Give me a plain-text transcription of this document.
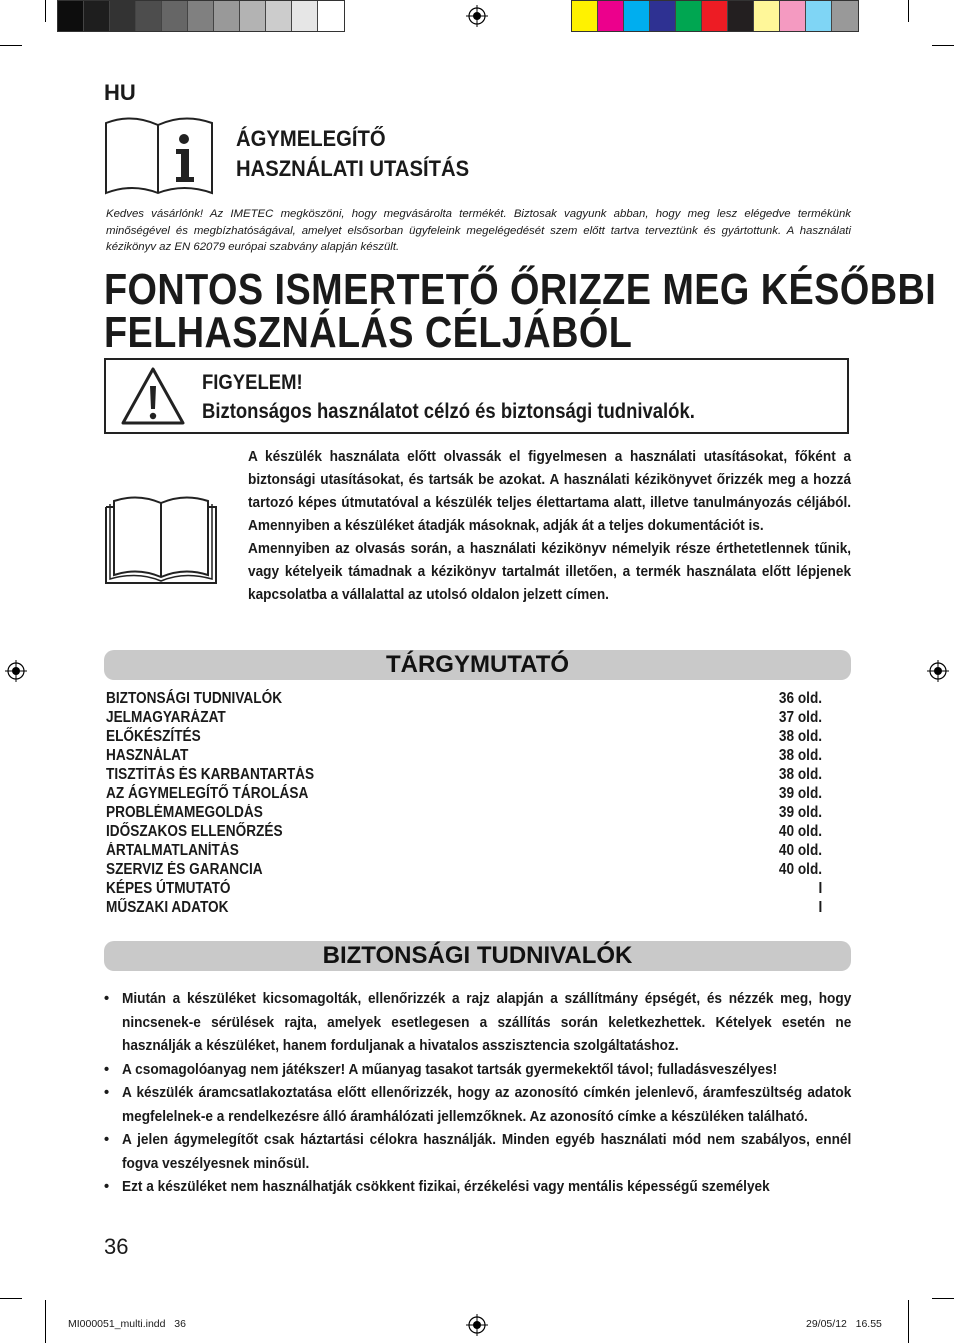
HU
ÁGYMELEGÍTŐ
HASZNÁLATI UTASÍTÁS
Kedves vásárlónk! Az IMETEC megköszöni, hogy megvásárolta termékét. Biztosak vagyunk abban, hogy meg lesz elégedve termékünk minőségével és megbízhatóságával, amelyet elsősorban ügyfeleink megelégedését szem előtt tartva terveztünk és gyártottunk. A használati kézikönyv az EN 62079 európai szabvány alapján készült.
FONTOS ISMERTETŐ ŐRIZZE MEG KÉSŐBBI
FELHASZNÁLÁS CÉLJÁBÓL
FIGYELEM!
Biztonságos használatot célzó és biztonsági tudnivalók.

A készülék használata előtt olvassák el figyelmesen a használati utasításokat, főként a biztonsági utasításokat, és tartsák be azokat. A használati kézikönyvet őrizzék meg a hozzá tartozó képes útmutatóval a készülék teljes élettartama alatt, illetve tanulmányozás céljából. Amennyiben a készüléket átadják másoknak, adják át a teljes dokumentációt is.

Amennyiben az olvasás során, a használati kézikönyv némelyik része érthetetlennek tűnik, vagy kételyeik támadnak a kézikönyv tartalmát illetően, a termék használata előtt lépjenek kapcsolatba a vállalattal az utolsó oldalon jelzett címen.

TÁRGYMUTATÓ
BIZTONSÁGI TUDNIVALÓK	36 old.
JELMAGYARÁZAT	37 old.
ELŐKÉSZÍTÉS	38 old.
HASZNÁLAT	38 old.
TISZTÍTÁS ÉS KARBANTARTÁS	38 old.
AZ ÁGYMELEGÍTŐ TÁROLÁSA	39 old.
PROBLÉMAMEGOLDÁS	39 old.
IDŐSZAKOS ELLENŐRZÉS	40 old.
ÁRTALMATLANÍTÁS	40 old.
SZERVIZ ÉS GARANCIA	40 old.
KÉPES ÚTMUTATÓ	I
MŰSZAKI ADATOK	I
BIZTONSÁGI TUDNIVALÓK
• Miután a készüléket kicsomagolták, ellenőrizzék a rajz alapján a szállítmány épségét, és nézzék meg, hogy nincsenek-e sérülések rajta, amelyek esetlegesen a szállítás során keletkezhettek. Kételyek esetén ne használják a készüléket, hanem forduljanak a hivatalos asszisztencia szolgáltatáshoz.
• A csomagolóanyag nem játékszer! A műanyag tasakot tartsák gyermekektől távol; fulladásveszélyes!
• A készülék áramcsatlakoztatása előtt ellenőrizzék, hogy az azonosító címkén jelenlevő, áramfeszültség adatok megfelelnek-e a rendelkezésre álló áramhálózati jellemzőknek. Az azonosító címke a készüléken található.
• A jelen ágymelegítőt csak háztartási célokra használják. Minden egyéb használati mód nem szabályos, ennél fogva veszélyesnek minősül.
• Ezt a készüléket nem használhatják csökkent fizikai, érzékelési vagy mentális képességű személyek
36
MI000051_multi.indd   36	29/05/12   16.55
